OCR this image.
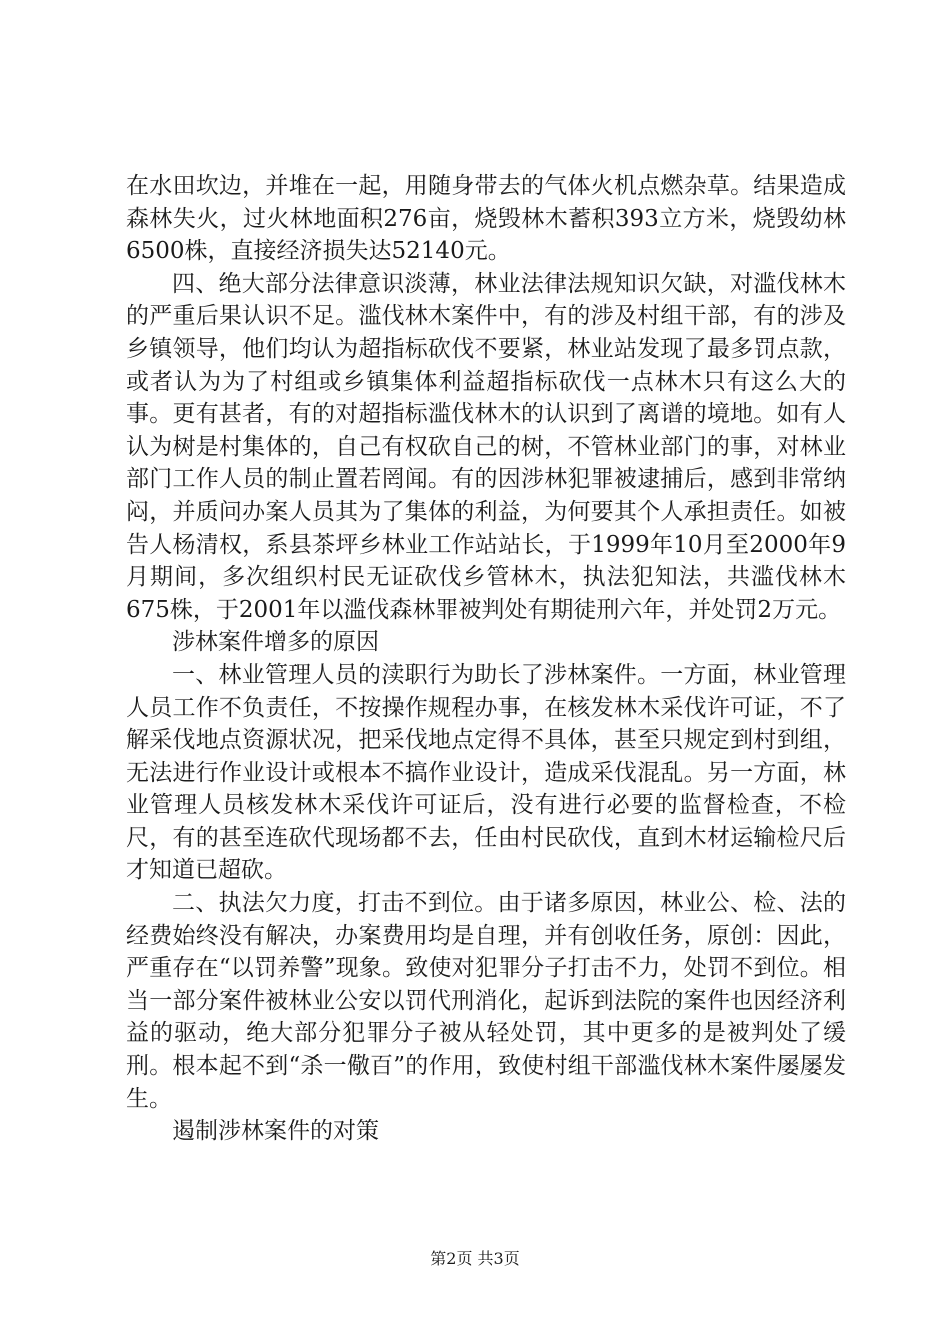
在水田坎边，并堆在一起，用随身带去的气体火机点燃杂草。结果造成森林失火，过火林地面积276亩，烧毁林木蓄积393立方米，烧毁幼林6500株，直接经济损失达52140元。

四、绝大部分法律意识淡薄，林业法律法规知识欠缺，对滥伐林木的严重后果认识不足。滥伐林木案件中，有的涉及村组干部，有的涉及乡镇领导，他们均认为超指标砍伐不要紧，林业站发现了最多罚点款，或者认为为了村组或乡镇集体利益超指标砍伐一点林木只有这么大的事。更有甚者，有的对超指标滥伐林木的认识到了离谱的境地。如有人认为树是村集体的，自己有权砍自己的树，不管林业部门的事，对林业部门工作人员的制止置若罔闻。有的因涉林犯罪被逮捕后，感到非常纳闷，并质问办案人员其为了集体的利益，为何要其个人承担责任。如被告人杨清权，系县茶坪乡林业工作站站长，于1999年10月至2000年9月期间，多次组织村民无证砍伐乡管林木，执法犯知法，共滥伐林木675株，于2001年以滥伐森林罪被判处有期徒刑六年，并处罚2万元。

涉林案件增多的原因

一、林业管理人员的渎职行为助长了涉林案件。一方面，林业管理人员工作不负责任，不按操作规程办事，在核发林木采伐许可证，不了解采伐地点资源状况，把采伐地点定得不具体，甚至只规定到村到组，无法进行作业设计或根本不搞作业设计，造成采伐混乱。另一方面，林业管理人员核发林木采伐许可证后，没有进行必要的监督检查，不检尺，有的甚至连砍代现场都不去，任由村民砍伐，直到木材运输检尺后才知道已超砍。

二、执法欠力度，打击不到位。由于诸多原因，林业公、检、法的经费始终没有解决，办案费用均是自理，并有创收任务，原创：因此，严重存在“以罚养警”现象。致使对犯罪分子打击不力，处罚不到位。相当一部分案件被林业公安以罚代刑消化，起诉到法院的案件也因经济利益的驱动，绝大部分犯罪分子被从轻处罚，其中更多的是被判处了缓刑。根本起不到“杀一儆百”的作用，致使村组干部滥伐林木案件屡屡发生。

遏制涉林案件的对策

第2页 共3页
